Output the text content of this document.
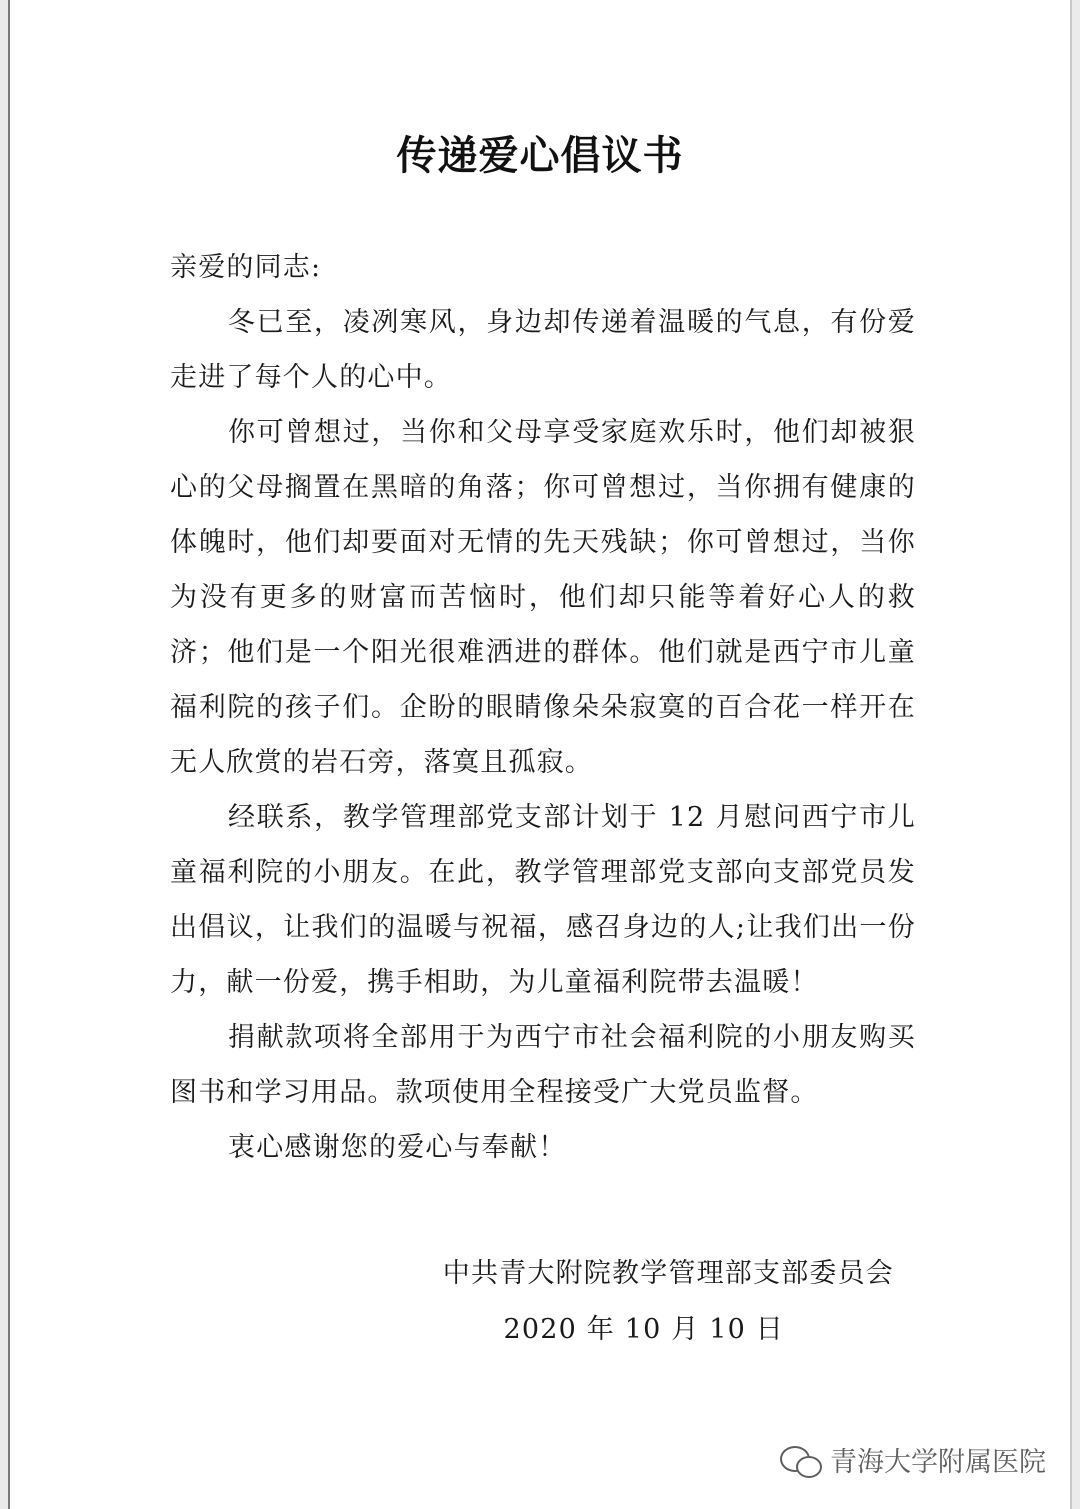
传递爱心倡议书

亲爱的同志:

冬已至，凌冽寒风，身边却传递着温暖的气息，有份爱走进了每个人的心中。

你可曾想过，当你和父母享受家庭欢乐时，他们却被狠心的父母搁置在黑暗的角落；你可曾想过，当你拥有健康的体魄时，他们却要面对无情的先天残缺；你可曾想过，当你为没有更多的财富而苦恼时，他们却只能等着好心人的救济；他们是一个阳光很难洒进的群体。他们就是西宁市儿童福利院的孩子们。企盼的眼睛像朵朵寂寞的百合花一样开在无人欣赏的岩石旁，落寞且孤寂。

经联系，教学管理部党支部计划于 12 月慰问西宁市儿童福利院的小朋友。在此，教学管理部党支部向支部党员发出倡议，让我们的温暖与祝福，感召身边的人;让我们出一份力，献一份爱，携手相助，为儿童福利院带去温暖！

捐献款项将全部用于为西宁市社会福利院的小朋友购买图书和学习用品。款项使用全程接受广大党员监督。

衷心感谢您的爱心与奉献！

中共青大附院教学管理部支部委员会
2020 年 10 月 10 日
青海大学附属医院
